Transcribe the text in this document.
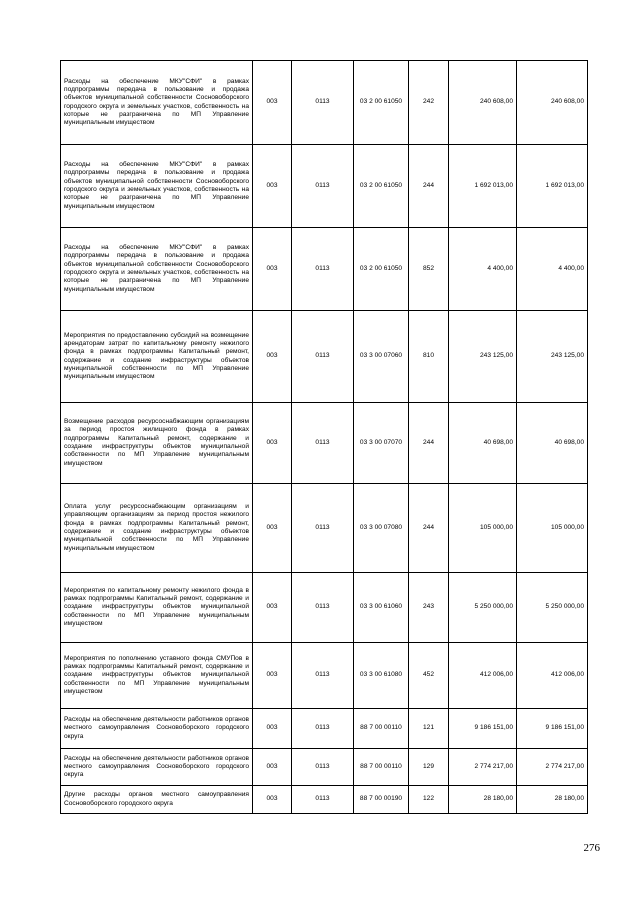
Расходы на обеспечение МКУ"СФИ" в рамках подпрограммы передача в пользование и продажа объектов муниципальной собственности Сосновоборского городского округа и земельных участков, собственность на которые не разграничена по МП Управление муниципальным имуществом	003	0113	03 2 00 61050	242	240 608,00	240 608,00
Расходы на обеспечение МКУ"СФИ" в рамках подпрограммы передача в пользование и продажа объектов муниципальной собственности Сосновоборского городского округа и земельных участков, собственность на которые не разграничена по МП Управление муниципальным имуществом	003	0113	03 2 00 61050	244	1 692 013,00	1 692 013,00
Расходы на обеспечение МКУ"СФИ" в рамках подпрограммы передача в пользование и продажа объектов муниципальной собственности Сосновоборского городского округа и земельных участков, собственность на которые не разграничена по МП Управление муниципальным имуществом	003	0113	03 2 00 61050	852	4 400,00	4 400,00
Мероприятия по предоставлению субсидий на возмещение арендаторам затрат по капитальному ремонту нежилого фонда в рамках подпрограммы Капитальный ремонт, содержание и создание инфраструктуры объектов муниципальной собственности по МП Управление муниципальным имуществом	003	0113	03 3 00 07060	810	243 125,00	243 125,00
Возмещение расходов ресурсоснабжающим организациям за период простоя жилищного фонда в рамках подпрограммы Капитальный ремонт, содержание и создание инфраструктуры объектов муниципальной собственности по МП Управление муниципальным имуществом	003	0113	03 3 00 07070	244	40 698,00	40 698,00
Оплата услуг ресурсоснабжающим организациям и управляющим организациям за период простоя нежилого фонда в рамках подпрограммы Капитальный ремонт, содержание и создание инфраструктуры объектов муниципальной собственности по МП Управление муниципальным имуществом	003	0113	03 3 00 07080	244	105 000,00	105 000,00
Мероприятия по капитальному ремонту нежилого фонда в рамках подпрограммы Капитальный ремонт, содержание и создание инфраструктуры объектов муниципальной собственности по МП Управление муниципальным имуществом	003	0113	03 3 00 61060	243	5 250 000,00	5 250 000,00
Мероприятия по пополнению уставного фонда СМУПов в рамках подпрограммы Капитальный ремонт, содержание и создание инфраструктуры объектов муниципальной собственности по МП Управление муниципальным имуществом	003	0113	03 3 00 61080	452	412 006,00	412 006,00
Расходы на обеспечение деятельности работников органов местного самоуправления Сосновоборского городского округа	003	0113	88 7 00 00110	121	9 186 151,00	9 186 151,00
Расходы на обеспечение деятельности работников органов местного самоуправления Сосновоборского городского округа	003	0113	88 7 00 00110	129	2 774 217,00	2 774 217,00
Другие расходы органов местного самоуправления Сосновоборского городского округа	003	0113	88 7 00 00190	122	28 180,00	28 180,00
276
